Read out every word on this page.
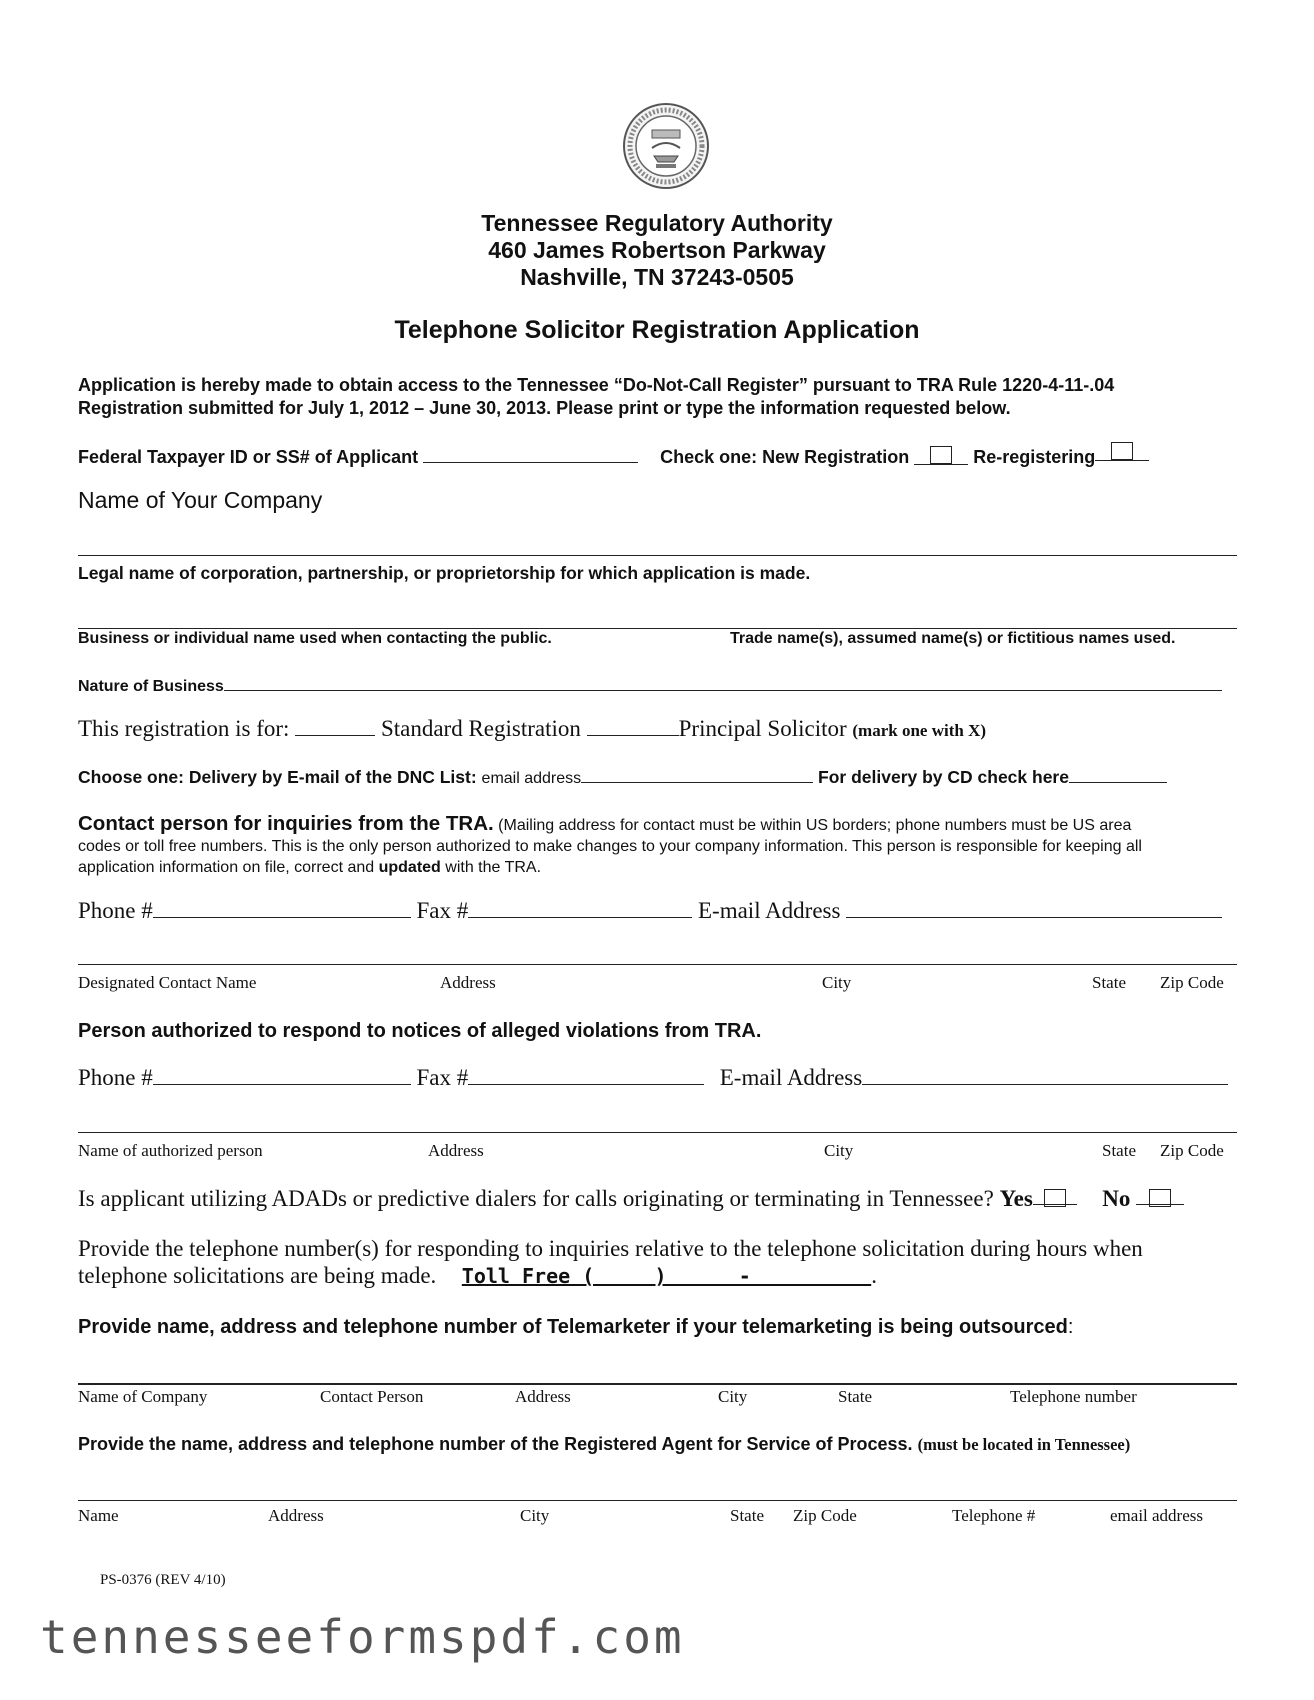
Tennessee Regulatory Authority
460 James Robertson Parkway
Nashville, TN 37243-0505
Telephone Solicitor Registration Application
Application is hereby made to obtain access to the Tennessee “Do-Not-Call Register” pursuant to TRA Rule 1220-4-11-.04
Registration submitted for July 1, 2012 – June 30, 2013. Please print or type the information requested below.
Federal Taxpayer ID or SS# of Applicant	Check one: New Registration	Re-registering
Name of Your Company
Legal name of corporation, partnership, or proprietorship for which application is made.
Business or individual name used when contacting the public.	Trade name(s), assumed name(s) or fictitious names used.
Nature of Business
This registration is for:	Standard Registration	Principal Solicitor (mark one with X)
Choose one: Delivery by E-mail of the DNC List: email address	For delivery by CD check here
Contact person for inquiries from the TRA. (Mailing address for contact must be within US borders; phone numbers must be US area
codes or toll free numbers. This is the only person authorized to make changes to your company information. This person is responsible for keeping all
application information on file, correct and updated with the TRA.
Phone #	Fax #	E-mail Address
Designated Contact Name	Address	City	State Zip Code
Person authorized to respond to notices of alleged violations from TRA.
Phone #	Fax #	E-mail Address
Name of authorized person	Address	City	State Zip Code
Is applicant utilizing ADADs or predictive dialers for calls originating or terminating in Tennessee? Yes	No
Provide the telephone number(s) for responding to inquiries relative to the telephone solicitation during hours when
telephone solicitations are being made. Toll Free (     )      -          .
Provide name, address and telephone number of Telemarketer if your telemarketing is being outsourced:
Name of Company	Contact Person	Address	City	State	Telephone number
Provide the name, address and telephone number of the Registered Agent for Service of Process. (must be located in Tennessee)
Name	Address	City	State Zip Code	Telephone #	email address
PS-0376 (REV 4/10)
tennesseeformspdf.com
